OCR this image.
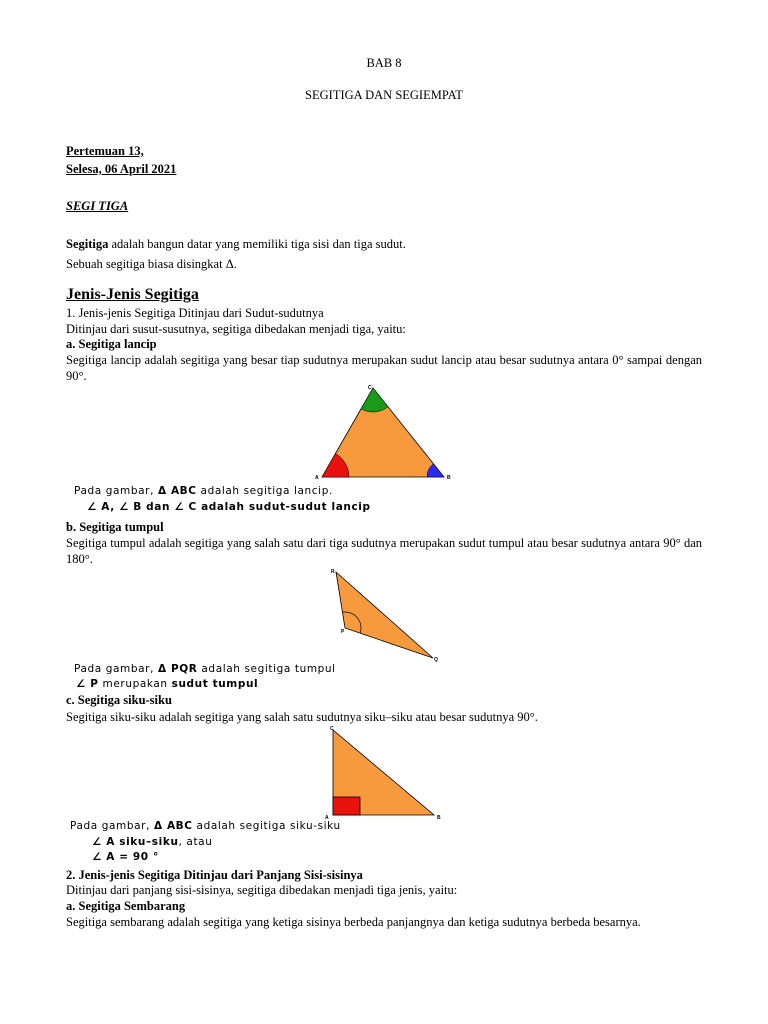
BAB 8
SEGITIGA DAN SEGIEMPAT
Pertemuan 13,
Selesa, 06 April 2021
SEGI TIGA
Segitiga adalah bangun datar yang memiliki tiga sisi dan tiga sudut.
Sebuah segitiga biasa disingkat Δ.
Jenis-Jenis Segitiga
1. Jenis-jenis Segitiga Ditinjau dari Sudut-sudutnya
Ditinjau dari susut-susutnya, segitiga dibedakan menjadi tiga, yaitu:
a. Segitiga lancip
Segitiga lancip adalah segitiga yang besar tiap sudutnya merupakan sudut lancip atau besar sudutnya antara 0° sampai dengan 90°.
C
A	B
Pada gambar, Δ ABC adalah segitiga lancip.
∠ A, ∠ B dan ∠ C adalah sudut-sudut lancip
b. Segitiga tumpul
Segitiga tumpul adalah segitiga yang salah satu dari tiga sudutnya merupakan sudut tumpul atau besar sudutnya antara 90° dan 180°.
R
P
Q
Pada gambar, Δ PQR adalah segitiga tumpul
∠ P merupakan sudut tumpul
c. Segitiga siku-siku
Segitiga siku-siku adalah segitiga yang salah satu sudutnya siku–siku atau besar sudutnya 90°.
C
A	B
Pada gambar, Δ ABC adalah segitiga siku-siku
∠ A siku–siku, atau
∠ A = 90 °
2. Jenis-jenis Segitiga Ditinjau dari Panjang Sisi-sisinya
Ditinjau dari panjang sisi-sisinya, segitiga dibedakan menjadi tiga jenis, yaitu:
a. Segitiga Sembarang
Segitiga sembarang adalah segitiga yang ketiga sisinya berbeda panjangnya dan ketiga sudutnya berbeda besarnya.
